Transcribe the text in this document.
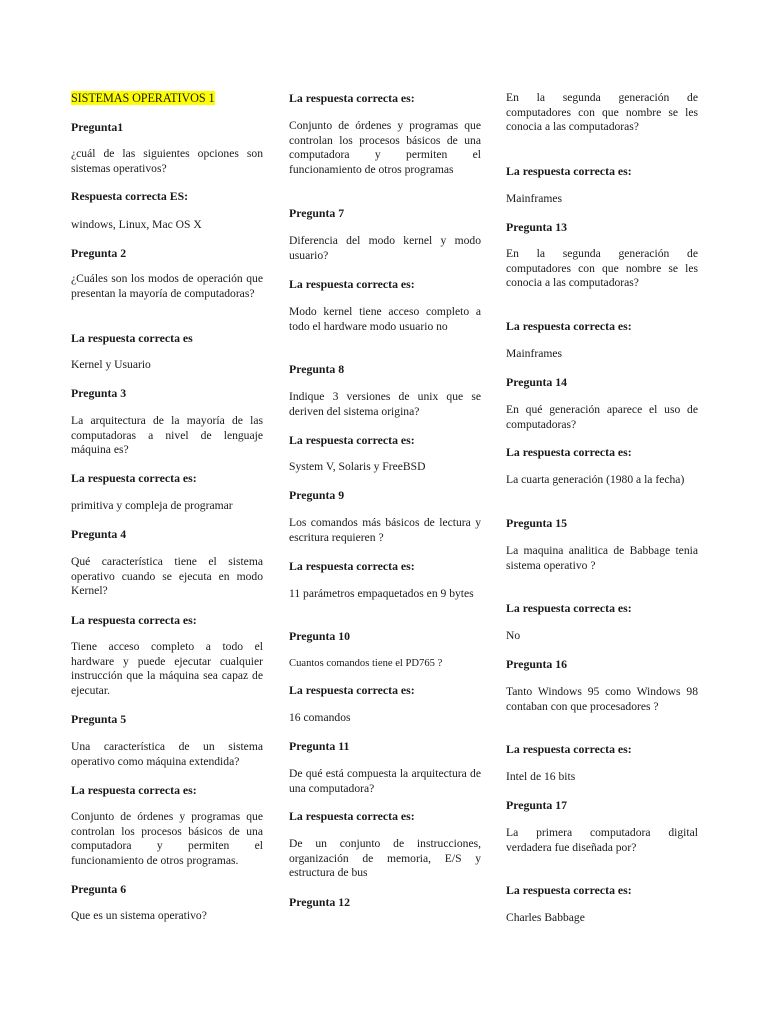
SISTEMAS OPERATIVOS 1

Pregunta1

¿cuál de las siguientes opciones son sistemas operativos?

Respuesta correcta ES:

windows, Linux, Mac OS X

Pregunta 2

¿Cuáles son los modos de operación que presentan la mayoría de computadoras?

La respuesta correcta es

Kernel y Usuario

Pregunta 3

La arquitectura de la mayoría de las computadoras a nivel de lenguaje máquina es?

La respuesta correcta es:

primitiva y compleja de programar

Pregunta 4

Qué característica tiene el sistema operativo cuando se ejecuta en modo Kernel?

La respuesta correcta es:

Tiene acceso completo a todo el hardware y puede ejecutar cualquier instrucción que la máquina sea capaz de ejecutar.

Pregunta 5

Una característica de un sistema operativo como máquina extendida?

La respuesta correcta es:

Conjunto de órdenes y programas que controlan los procesos básicos de una computadora y permiten el funcionamiento de otros programas.

Pregunta 6

Que es un sistema operativo?

La respuesta correcta es:

Conjunto de órdenes y programas que controlan los procesos básicos de una computadora y permiten el funcionamiento de otros programas

Pregunta 7

Diferencia del modo kernel y modo usuario?

La respuesta correcta es:

Modo kernel tiene acceso completo a todo el hardware modo usuario no

Pregunta 8

Indique 3 versiones de unix que se deriven del sistema origina?

La respuesta correcta es:

System V, Solaris y FreeBSD

Pregunta 9

Los comandos más básicos de lectura y escritura requieren ?

La respuesta correcta es:

11 parámetros empaquetados en 9 bytes

Pregunta 10

Cuantos comandos tiene el PD765 ?

La respuesta correcta es:

16 comandos

Pregunta 11

De qué está compuesta la arquitectura de una computadora?

La respuesta correcta es:

De un conjunto de instrucciones, organización de memoria, E/S y estructura de bus

Pregunta 12

En la segunda generación de computadores con que nombre se les conocia a las computadoras?

La respuesta correcta es:

Mainframes

Pregunta 13

En la segunda generación de computadores con que nombre se les conocia a las computadoras?

La respuesta correcta es:

Mainframes

Pregunta 14

En qué generación aparece el uso de computadoras?

La respuesta correcta es:

La cuarta generación (1980 a la fecha)

Pregunta 15

La maquina analitica de Babbage tenia sistema operativo ?

La respuesta correcta es:

No

Pregunta 16

Tanto Windows 95 como Windows 98 contaban con que procesadores ?

La respuesta correcta es:

Intel de 16 bits

Pregunta 17

La primera computadora digital verdadera fue diseñada por?

La respuesta correcta es:

Charles Babbage
